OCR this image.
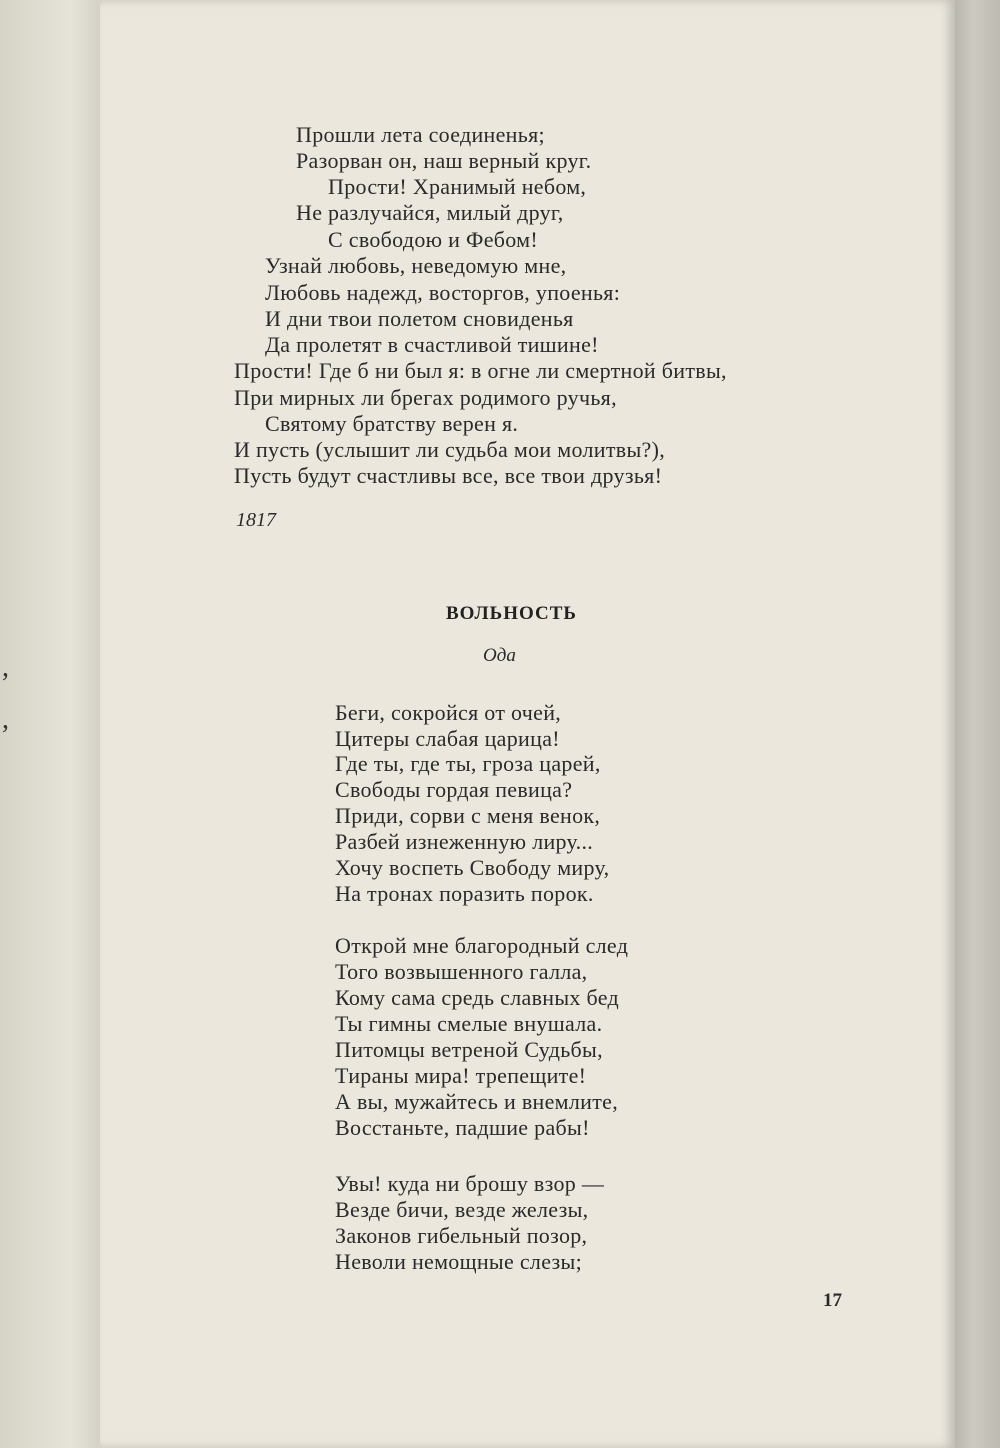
,
,
Прошли лета соединенья;
Разорван он, наш верный круг.
Прости! Хранимый небом,
Не разлучайся, милый друг,
С свободою и Фебом!
Узнай любовь, неведомую мне,
Любовь надежд, восторгов, упоенья:
И дни твои полетом сновиденья
Да пролетят в счастливой тишине!
Прости! Где б ни был я: в огне ли смертной битвы,
При мирных ли брегах родимого ручья,
Святому братству верен я.
И пусть (услышит ли судьба мои молитвы?),
Пусть будут счастливы все, все твои друзья!
1817
ВОЛЬНОСТЬ
Ода
Беги, сокройся от очей,
Цитеры слабая царица!
Где ты, где ты, гроза царей,
Свободы гордая певица?
Приди, сорви с меня венок,
Разбей изнеженную лиру...
Хочу воспеть Свободу миру,
На тронах поразить порок.
Открой мне благородный след
Того возвышенного галла,
Кому сама средь славных бед
Ты гимны смелые внушала.
Питомцы ветреной Судьбы,
Тираны мира! трепещите!
А вы, мужайтесь и внемлите,
Восстаньте, падшие рабы!
Увы! куда ни брошу взор —
Везде бичи, везде железы,
Законов гибельный позор,
Неволи немощные слезы;
17
